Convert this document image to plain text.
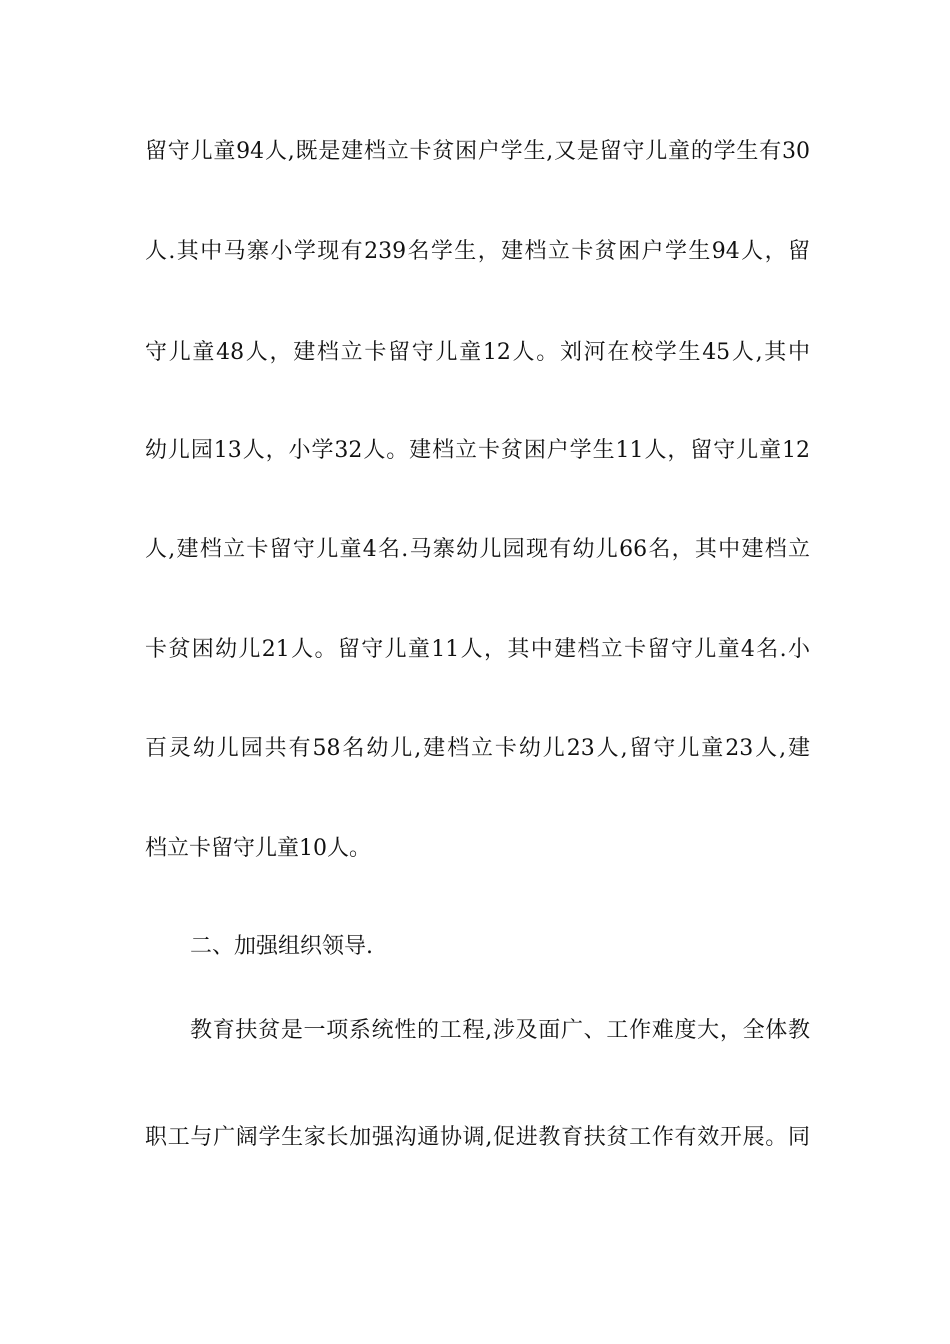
留守儿童94人,既是建档立卡贫困户学生,又是留守儿童的学生有30
人.其中马寨小学现有239名学生，建档立卡贫困户学生94人，留
守儿童48人，建档立卡留守儿童12人。刘河在校学生45人,其中
幼儿园13人，小学32人。建档立卡贫困户学生11人，留守儿童12
人,建档立卡留守儿童4名.马寨幼儿园现有幼儿66名，其中建档立
卡贫困幼儿21人。留守儿童11人，其中建档立卡留守儿童4名.小
百灵幼儿园共有58名幼儿,建档立卡幼儿23人,留守儿童23人,建
档立卡留守儿童10人。
二、加强组织领导.
教育扶贫是一项系统性的工程,涉及面广、工作难度大，全体教
职工与广阔学生家长加强沟通协调,促进教育扶贫工作有效开展。同
